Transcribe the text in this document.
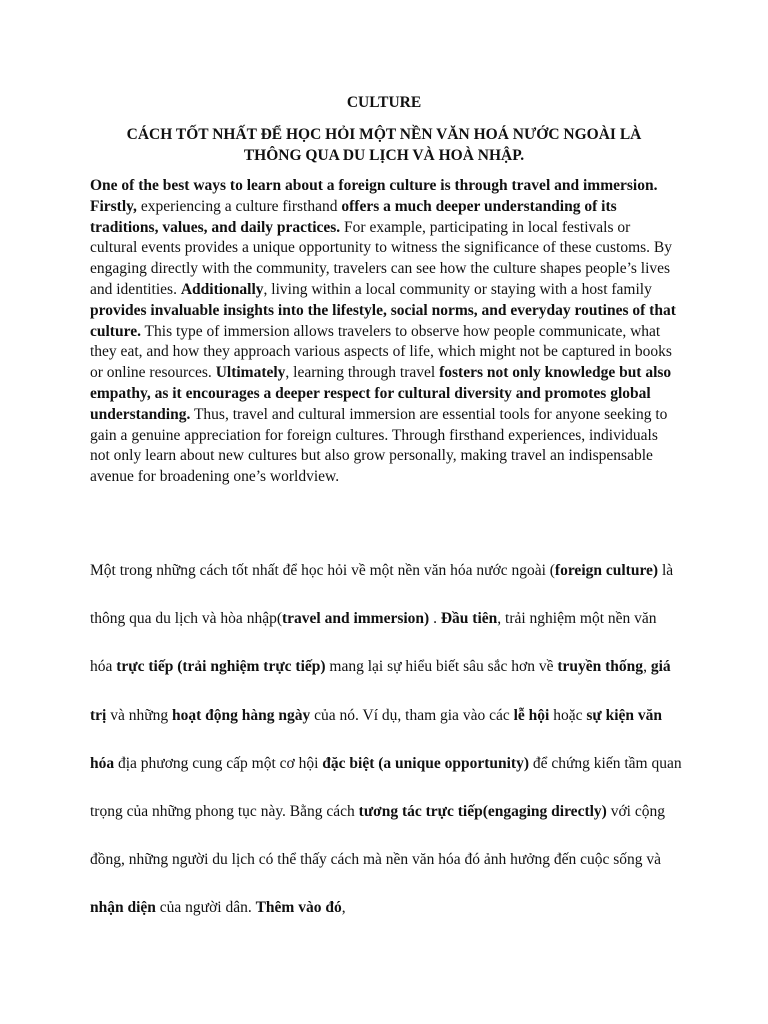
CULTURE

CÁCH TỐT NHẤT ĐỂ HỌC HỎI MỘT NỀN VĂN HOÁ NƯỚC NGOÀI LÀ THÔNG QUA DU LỊCH VÀ HOÀ NHẬP.

One of the best ways to learn about a foreign culture is through travel and immersion. Firstly, experiencing a culture firsthand offers a much deeper understanding of its traditions, values, and daily practices. For example, participating in local festivals or cultural events provides a unique opportunity to witness the significance of these customs. By engaging directly with the community, travelers can see how the culture shapes people’s lives and identities. Additionally, living within a local community or staying with a host family provides invaluable insights into the lifestyle, social norms, and everyday routines of that culture. This type of immersion allows travelers to observe how people communicate, what they eat, and how they approach various aspects of life, which might not be captured in books or online resources. Ultimately, learning through travel fosters not only knowledge but also empathy, as it encourages a deeper respect for cultural diversity and promotes global understanding. Thus, travel and cultural immersion are essential tools for anyone seeking to gain a genuine appreciation for foreign cultures. Through firsthand experiences, individuals not only learn about new cultures but also grow personally, making travel an indispensable avenue for broadening one’s worldview.

Một trong những cách tốt nhất để học hỏi về một nền văn hóa nước ngoài (foreign culture) là thông qua du lịch và hòa nhập(travel and immersion) . Đầu tiên, trải nghiệm một nền văn hóa trực tiếp (trải nghiệm trực tiếp) mang lại sự hiểu biết sâu sắc hơn về truyền thống, giá trị và những hoạt động hàng ngày của nó. Ví dụ, tham gia vào các lễ hội hoặc sự kiện văn hóa địa phương cung cấp một cơ hội đặc biệt (a unique opportunity) để chứng kiến tầm quan trọng của những phong tục này. Bằng cách tương tác trực tiếp(engaging directly) với cộng đồng, những người du lịch có thể thấy cách mà nền văn hóa đó ảnh hưởng đến cuộc sống và nhận diện của người dân. Thêm vào đó,
